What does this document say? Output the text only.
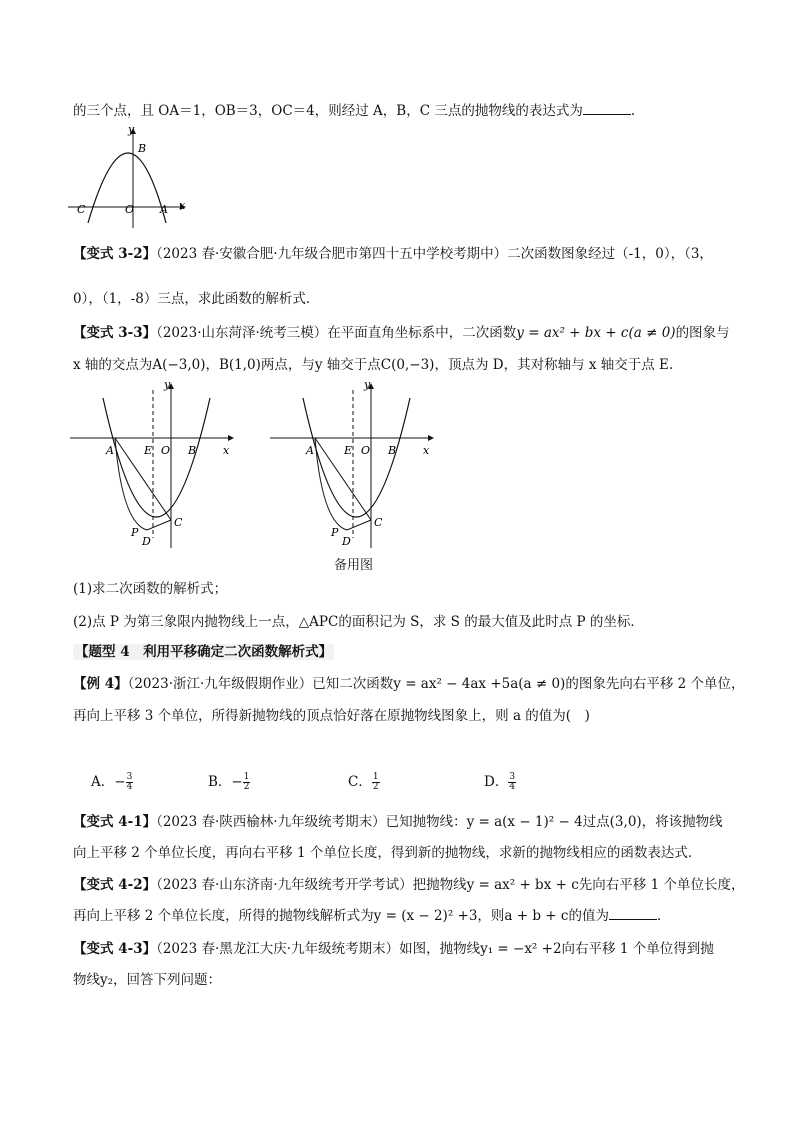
的三个点，且 OA＝1，OB＝3，OC＝4，则经过 A，B，C 三点的抛物线的表达式为	.
y
x
B
C	O A
【变式 3-2】（2023 春·安徽合肥·九年级合肥市第四十五中学校考期中）二次函数图象经过（-1，0），（3，
0），（1，-8）三点，求此函数的解析式．
【变式 3-3】（2023·山东菏泽·统考三模）在平面直角坐标系中，二次函数y = ax² + bx + c(a ≠ 0)的图象与
x 轴的交点为A(−3,0)，B(1,0)两点，与y 轴交于点C(0,−3)，顶点为 D，其对称轴与 x 轴交于点 E.
y
x
A	E O B
C
P
D
y
x
A	E O B
C
P
D
备用图
(1)求二次函数的解析式；
(2)点 P 为第三象限内抛物线上一点，△APC的面积记为 S，求 S 的最大值及此时点 P 的坐标．
【题型 4　利用平移确定二次函数解析式】
【例 4】（2023·浙江·九年级假期作业）已知二次函数y = ax² − 4ax +5a(a ≠ 0)的图象先向右平移 2 个单位，
再向上平移 3 个单位，所得新抛物线的顶点恰好落在原抛物线图象上，则 a 的值为(　)
A．− $\frac{3}{4}$	B．− $\frac{1}{2}$	C． $\frac{1}{2}$	D． $\frac{3}{4}$
【变式 4-1】（2023 春·陕西榆林·九年级统考期末）已知抛物线：y = a(x − 1)² − 4过点(3,0)，将该抛物线
向上平移 2 个单位长度，再向右平移 1 个单位长度，得到新的抛物线，求新的抛物线相应的函数表达式．
【变式 4-2】（2023 春·山东济南·九年级统考开学考试）把抛物线y = ax² + bx + c先向右平移 1 个单位长度，
再向上平移 2 个单位长度，所得的抛物线解析式为y = (x − 2)² +3，则a + b + c的值为	．
【变式 4-3】（2023 春·黑龙江大庆·九年级统考期末）如图，抛物线y₁ = −x² +2向右平移 1 个单位得到抛
物线y₂，回答下列问题：
